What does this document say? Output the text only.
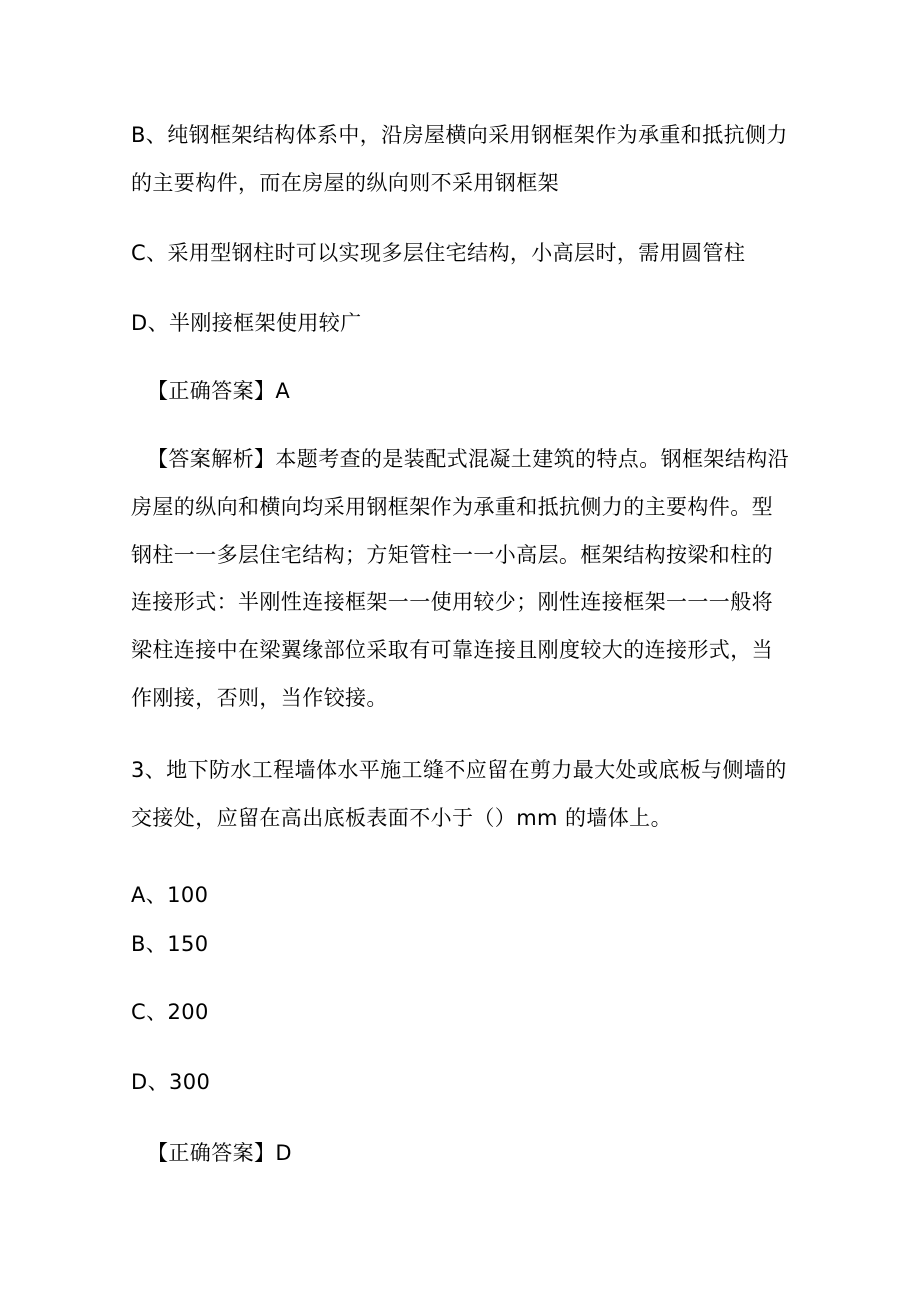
B、纯钢框架结构体系中，沿房屋横向采用钢框架作为承重和抵抗侧力
的主要构件，而在房屋的纵向则不采用钢框架
C、采用型钢柱时可以实现多层住宅结构，小高层时，需用圆管柱
D、半刚接框架使用较广
【正确答案】A
【答案解析】本题考查的是装配式混凝土建筑的特点。钢框架结构沿
房屋的纵向和横向均采用钢框架作为承重和抵抗侧力的主要构件。型
钢柱一一多层住宅结构；方矩管柱一一小高层。框架结构按梁和柱的
连接形式：半刚性连接框架一一使用较少；刚性连接框架一一一般将
梁柱连接中在梁翼缘部位采取有可靠连接且刚度较大的连接形式，当
作刚接，否则，当作铰接。
3、地下防水工程墙体水平施工缝不应留在剪力最大处或底板与侧墙的
交接处，应留在高出底板表面不小于（）mm 的墙体上。
A、100
B、150
C、200
D、300
【正确答案】D
